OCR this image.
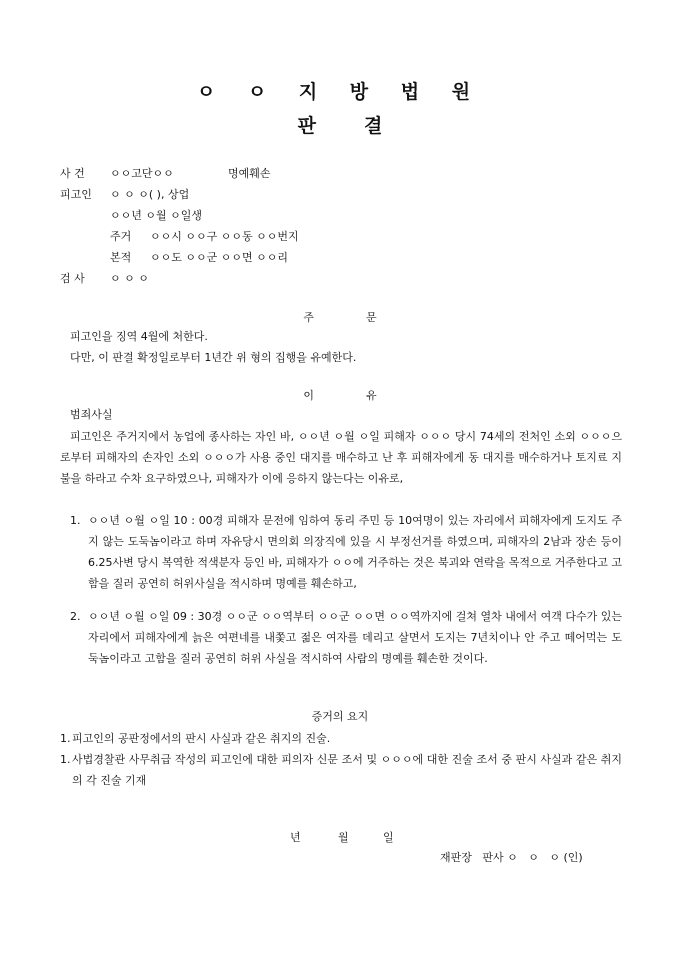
ㅇ ㅇ 지 방 법 원
판	결
사 건 ㅇㅇ고단ㅇㅇ	명예훼손
피고인 ㅇ ㅇ ㅇ( ), 상업
ㅇㅇ년 ㅇ월 ㅇ일생
주거 ㅇㅇ시 ㅇㅇ구 ㅇㅇ동 ㅇㅇ번지
본적 ㅇㅇ도 ㅇㅇ군 ㅇㅇ면 ㅇㅇ리
검 사 ㅇ ㅇ ㅇ
주	문
피고인을 징역 4월에 처한다.
다만, 이 판결 확정일로부터 1년간 위 형의 집행을 유예한다.
이	유
범죄사실
피고인은 주거지에서 농업에 종사하는 자인 바, ㅇㅇ년 ㅇ월 ㅇ일 피해자 ㅇㅇㅇ 당시 74세의 전처인 소외 ㅇㅇㅇ으로부터 피해자의 손자인 소외 ㅇㅇㅇ가 사용 중인 대지를 매수하고 난 후 피해자에게 동 대지를 매수하거나 토지료 지불을 하라고 수차 요구하였으나, 피해자가 이에 응하지 않는다는 이유로,
1. ㅇㅇ년 ㅇ월 ㅇ일 10 : 00경 피해자 문전에 임하여 동리 주민 등 10여명이 있는 자리에서 피해자에게 도지도 주지 않는 도둑놈이라고 하며 자유당시 면의회 의장직에 있을 시 부정선거를 하였으며, 피해자의 2남과 장손 등이 6.25사변 당시 복역한 적색분자 등인 바, 피해자가 ㅇㅇ에 거주하는 것은 북괴와 연락을 목적으로 거주한다고 고함을 질러 공연히 허위사실을 적시하며 명예를 훼손하고,
2. ㅇㅇ년 ㅇ월 ㅇ일 09 : 30경 ㅇㅇ군 ㅇㅇ역부터 ㅇㅇ군 ㅇㅇ면 ㅇㅇ역까지에 걸쳐 열차 내에서 여객 다수가 있는 자리에서 피해자에게 늙은 여편네를 내쫓고 젊은 여자를 데리고 살면서 도지는 7년치이나 안 주고 떼어먹는 도둑놈이라고 고함을 질러 공연히 허위 사실을 적시하여 사람의 명예를 훼손한 것이다.
증거의 요지
1. 피고인의 공판정에서의 판시 사실과 같은 취지의 진술.
1. 사법경찰관 사무취급 작성의 피고인에 대한 피의자 신문 조서 및 ㅇㅇㅇ에 대한 진술 조서 중 판시 사실과 같은 취지의 각 진술 기재
년	월	일
재판장   판사 ㅇ   ㅇ   ㅇ (인)
